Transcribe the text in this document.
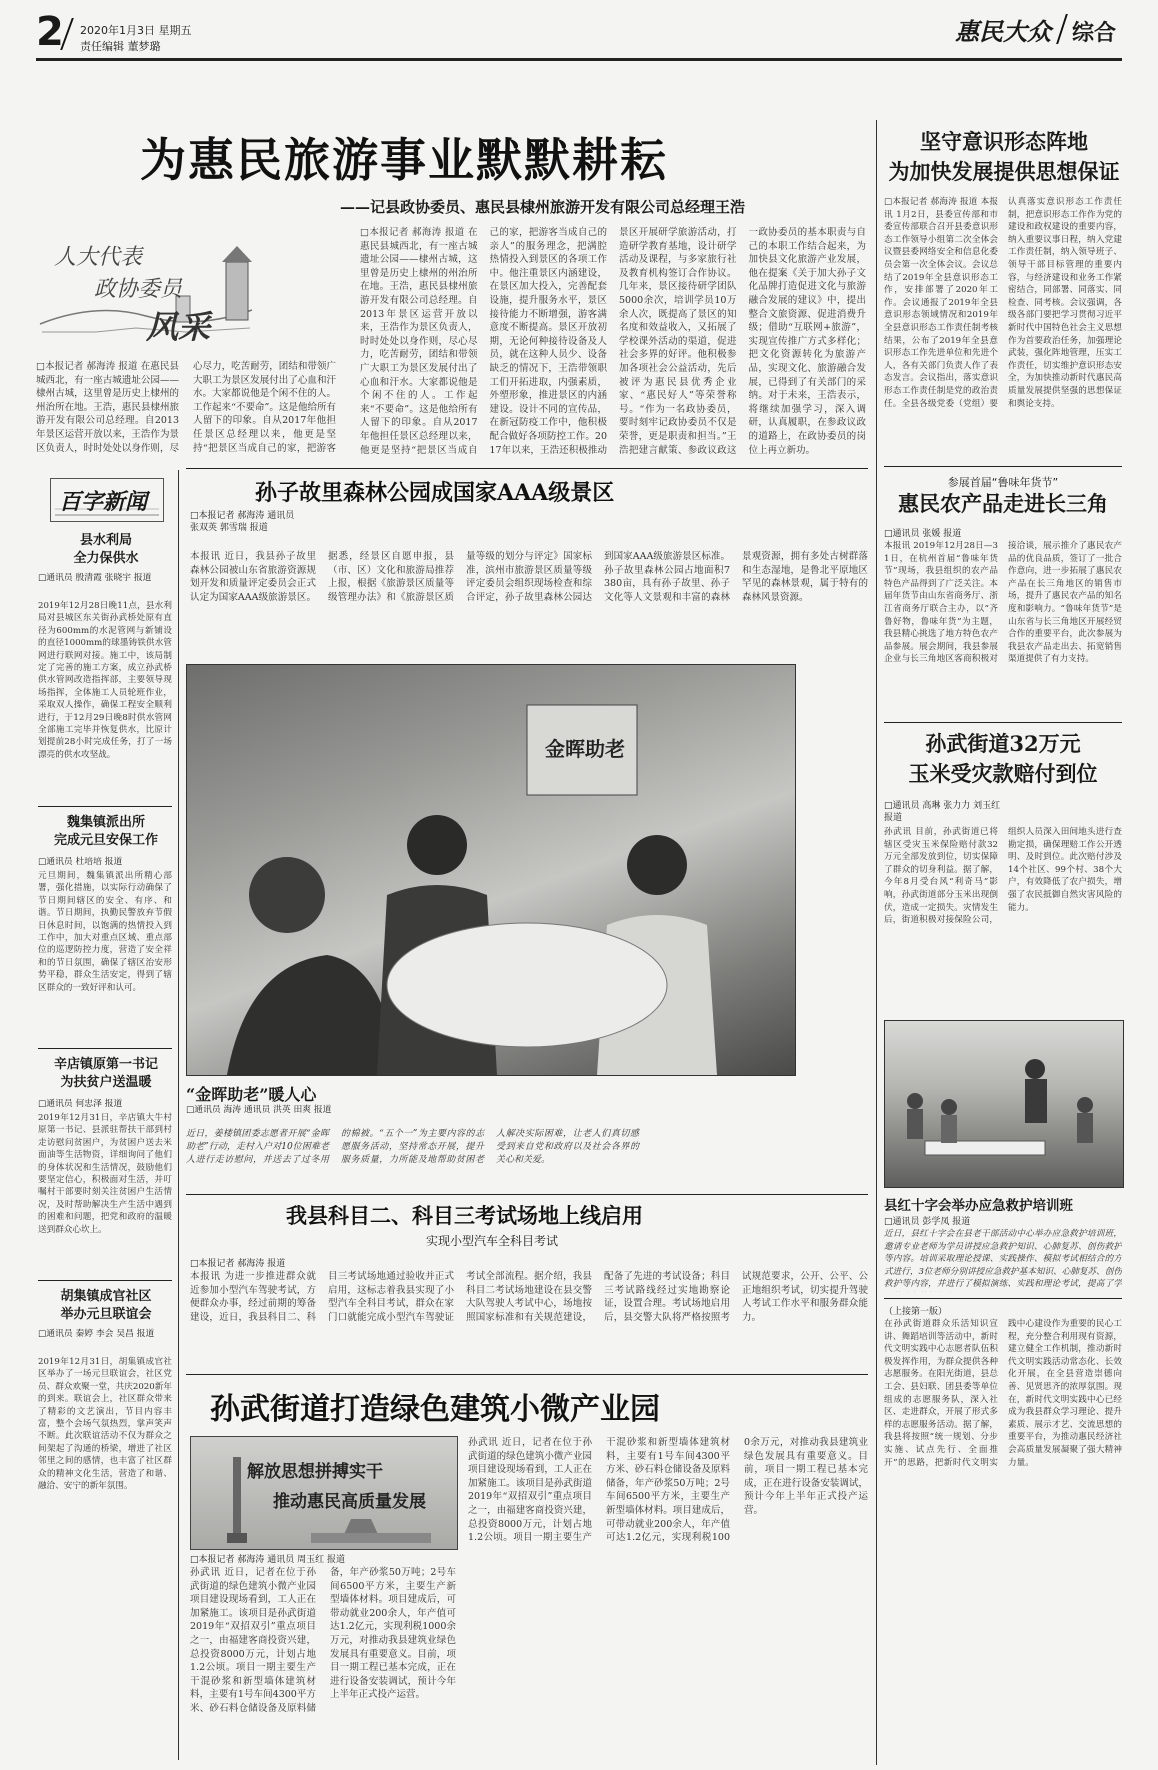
2 2020年1月3日 星期五
责任编辑 董梦璐
惠民大众 综合
为惠民旅游事业默默耕耘
——记县政协委员、惠民县棣州旅游开发有限公司总经理王浩
人大代表
政协委员
风采
□本报记者 郝海涛 报道 在惠民县城西北，有一座古城遗址公园——棣州古城，这里曾是历史上棣州的州治所在地。王浩，惠民县棣州旅游开发有限公司总经理。自2013年景区运营开放以来，王浩作为景区负责人，时时处处以身作则，尽心尽力，吃苦耐劳，团结和带领广大职工为景区发展付出了心血和汗水。大家都说他是个闲不住的人。工作起来“不要命”。这是他给所有人留下的印象。自从2017年他担任景区总经理以来，他更是坚持“把景区当成自己的家，把游客
□本报记者 郝海涛 报道 在惠民县城西北，有一座古城遗址公园——棣州古城，这里曾是历史上棣州的州治所在地。王浩，惠民县棣州旅游开发有限公司总经理。自2013年景区运营开放以来，王浩作为景区负责人，时时处处以身作则，尽心尽力，吃苦耐劳，团结和带领广大职工为景区发展付出了心血和汗水。大家都说他是个闲不住的人。工作起来“不要命”。这是他给所有人留下的印象。自从2017年他担任景区总经理以来，他更是坚持“把景区当成自己的家，把游客当成自己的亲人”的服务理念，把满腔热情投入到景区的各项工作中。他注重景区内涵建设，在景区加大投入，完善配套设施，提升服务水平，景区接待能力不断增强，游客满意度不断提高。景区开放初期，无论何种接待设备及人员，就在这种人员少、设备缺乏的情况下，王浩带领职工们开拓进取，内强素质，外塑形象，推进景区的内涵建设。设计不同的宣传品，在新冠防疫工作中，他积极配合做好各项防控工作。2017年以来，王浩还积极推动景区开展研学旅游活动，打造研学教育基地，设计研学活动及课程，与多家旅行社及教育机构签订合作协议。几年来，景区接待研学团队5000余次，培训学员10万余人次，既提高了景区的知名度和效益收入，又拓展了学校课外活动的渠道，促进社会多界的好评。他积极参加各项社会公益活动，先后被评为惠民县优秀企业家、“惠民好人”等荣誉称号。“作为一名政协委员，要时刻牢记政协委员不仅是荣誉，更是职责和担当。”王浩把建言献策、参政议政这一政协委员的基本职责与自己的本职工作结合起来，为加快县文化旅游产业发展，他在提案《关于加大孙子文化品牌打造促进文化与旅游融合发展的建议》中，提出整合文旅资源、促进消费升级；借助“互联网+旅游”，实现宣传推广方式多样化；把文化资源转化为旅游产品，实现文化、旅游融合发展，已得到了有关部门的采纳。对于未来，王浩表示，将继续加强学习，深入调研，认真履职，在参政议政的道路上，在政协委员的岗位上再立新功。
坚守意识形态阵地
为加快发展提供思想保证
□本报记者 郝海涛 报道 本报讯 1月2日，县委宣传部和市委宣传部联合召开县委意识形态工作领导小组第二次全体会议暨县委网络安全和信息化委员会第一次全体会议。会议总结了2019年全县意识形态工作，安排部署了2020年工作。会议通报了2019年全县意识形态领域情况和2019年全县意识形态工作责任制考核结果，公布了2019年全县意识形态工作先进单位和先进个人，各有关部门负责人作了表态发言。会议指出，落实意识形态工作责任制是党的政治责任。全县各级党委（党组）要认真落实意识形态工作责任制，把意识形态工作作为党的建设和政权建设的重要内容，纳入重要议事日程，纳入党建工作责任制，纳入领导班子、领导干部目标管理的重要内容，与经济建设和业务工作紧密结合，同部署、同落实、同检查、同考核。会议强调，各级各部门要把学习贯彻习近平新时代中国特色社会主义思想作为首要政治任务，加强理论武装，强化阵地管理，压实工作责任，切实维护意识形态安全，为加快推动新时代惠民高质量发展提供坚强的思想保证和舆论支持。
参展首届“鲁味年货节”
惠民农产品走进长三角
□通讯员 张媛 报道
本报讯 2019年12月28日—31日，在杭州首届“鲁味年货节”现场，我县组织的农产品特色产品得到了广泛关注。本届年货节由山东省商务厅、浙江省商务厅联合主办，以“齐鲁好物，鲁味年货”为主题，我县精心挑选了地方特色农产品参展。展会期间，我县参展企业与长三角地区客商积极对接洽谈，展示推介了惠民农产品的优良品质，签订了一批合作意向，进一步拓展了惠民农产品在长三角地区的销售市场，提升了惠民农产品的知名度和影响力。“鲁味年货节”是山东省与长三角地区开展经贸合作的重要平台，此次参展为我县农产品走出去、拓宽销售渠道提供了有力支持。
孙武街道32万元
玉米受灾款赔付到位
□通讯员 高琳 张力力 刘玉红 报道
孙武讯 目前，孙武街道已将辖区受灾玉米保险赔付款32万元全部发放到位，切实保障了群众的切身利益。据了解，今年8月受台风“利奇马”影响，孙武街道部分玉米出现倒伏，造成一定损失。灾情发生后，街道积极对接保险公司，组织人员深入田间地头进行查勘定损，确保理赔工作公开透明、及时到位。此次赔付涉及14个社区、99个村、38个大户，有效降低了农户损失，增强了农民抵御自然灾害风险的能力。
县红十字会举办应急救护培训班
□通讯员 彭学凤 报道
近日，县红十字会在县老干部活动中心举办应急救护培训班，邀请专业老师为学员讲授应急救护知识、心肺复苏、创伤救护等内容。培训采取理论授课、实践操作、模拟考试相结合的方式进行，3位老师分别讲授应急救护基本知识、心肺复苏、创伤救护等内容，并进行了模拟演练、实践和理论考试，提高了学
（上接第一版）
在孙武街道群众乐活知识宣讲、舞蹈培训等活动中，新时代文明实践中心志愿者队伍积极发挥作用，为群众提供各种志愿服务。在阳光街道，县总工会、县妇联、团县委等单位组成的志愿服务队，深入社区、走进群众，开展了形式多样的志愿服务活动。据了解，我县将按照“统一规划、分步实施、试点先行、全面推开”的思路，把新时代文明实践中心建设作为重要的民心工程，充分整合利用现有资源，建立健全工作机制，推动新时代文明实践活动常态化、长效化开展，在全县营造崇德向善、见贤思齐的浓厚氛围。现在，新时代文明实践中心已经成为我县群众学习理论、提升素质、展示才艺、交流思想的重要平台，为推动惠民经济社会高质量发展凝聚了强大精神力量。
百字新闻
县水利局
全力保供水
□通讯员 殷清霞 张晓宇 报道
2019年12月28日晚11点，县水利局对县城区东关街孙武桥处原有直径为600mm的水泥管网与新铺设的直径1000mm的球墨铸铁供水管网进行联网对接。施工中，该局制定了完善的施工方案，成立孙武桥供水管网改造指挥部，主要领导现场指挥，全体施工人员轮班作业，采取双人操作，确保工程安全顺利进行，于12月29日晚8时供水管网全部施工完毕并恢复供水，比原计划提前28小时完成任务，打了一场漂亮的供水攻坚战。
魏集镇派出所
完成元旦安保工作
□通讯员 杜培培 报道
元旦期间，魏集镇派出所精心部署，强化措施，以实际行动确保了节日期间辖区的安全、有序、和谐。节日期间，执勤民警放弃节假日休息时间，以饱满的热情投入到工作中，加大对重点区域、重点部位的巡逻防控力度，营造了安全祥和的节日氛围，确保了辖区治安形势平稳，群众生活安定，得到了辖区群众的一致好评和认可。
辛店镇原第一书记
为扶贫户送温暖
□通讯员 何忠泽 报道
2019年12月31日，辛店镇大牛村原第一书记、县派驻帮扶干部到村走访慰问贫困户，为贫困户送去米面油等生活物资，详细询问了他们的身体状况和生活情况，鼓励他们要坚定信心，积极面对生活，并叮嘱村干部要时刻关注贫困户生活情况，及时帮助解决生产生活中遇到的困难和问题，把党和政府的温暖送到群众心坎上。
胡集镇成官社区
举办元旦联谊会
□通讯员 秦婷 李会 吴昌 报道
2019年12月31日，胡集镇成官社区举办了一场元旦联谊会，社区党员、群众欢聚一堂，共庆2020新年的到来。联谊会上，社区群众带来了精彩的文艺演出，节目内容丰富，整个会场气氛热烈，掌声笑声不断。此次联谊活动不仅为群众之间架起了沟通的桥梁，增进了社区邻里之间的感情，也丰富了社区群众的精神文化生活，营造了和谐、融洽、安宁的新年氛围。
孙子故里森林公园成国家AAA级景区
□本报记者 郝海涛 通讯员 张双英 郭雪瑞 报道
本报讯 近日，我县孙子故里森林公园被山东省旅游资源规划开发和质量评定委员会正式认定为国家AAA级旅游景区。据悉，经景区自愿申报，县（市、区）文化和旅游局推荐上报，根据《旅游景区质量等级管理办法》和《旅游景区质量等级的划分与评定》国家标准，滨州市旅游景区质量等级评定委员会组织现场检查和综合评定，孙子故里森林公园达到国家AAA级旅游景区标准。孙子故里森林公园占地面积7380亩，具有孙子故里、孙子文化等人文景观和丰富的森林景观资源，拥有多处古树群落和生态湿地，是鲁北平原地区罕见的森林景观，属于特有的森林风景资源。
金晖助老
“金晖助老”暖人心
□通讯员 海涛 通讯员 洪英 田爽 报道
近日，姜楼镇团委志愿者开展“金晖助老”行动，走村入户对10位困难老人进行走访慰问，并送去了过冬用的棉被。“五个一”为主要内容的志愿服务活动，坚持常态开展，提升服务质量，力所能及地帮助贫困老人解决实际困难，让老人们真切感受到来自党和政府以及社会各界的关心和关爱。
我县科目二、科目三考试场地上线启用
实现小型汽车全科目考试
□本报记者 郝海涛 报道
本报讯 为进一步推进群众就近参加小型汽车驾驶考试，方便群众办事，经过前期的筹备建设，近日，我县科目二、科目三考试场地通过验收并正式启用，这标志着我县实现了小型汽车全科目考试，群众在家门口就能完成小型汽车驾驶证考试全部流程。据介绍，我县科目二考试场地建设在县交警大队驾驶人考试中心，场地按照国家标准和有关规范建设，配备了先进的考试设备；科目三考试路线经过实地勘察论证，设置合理。考试场地启用后，县交警大队将严格按照考试规范要求，公开、公平、公正地组织考试，切实提升驾驶人考试工作水平和服务群众能力。
孙武街道打造绿色建筑小微产业园
解放思想拼搏实干
推动惠民高质量发展
□本报记者 郝海涛 通讯员 周玉红 报道
孙武讯 近日，记者在位于孙武街道的绿色建筑小微产业园项目建设现场看到，工人正在加紧施工。该项目是孙武街道2019年“双招双引”重点项目之一，由福建客商投资兴建，总投资8000万元，计划占地1.2公顷。项目一期主要生产干混砂浆和新型墙体建筑材料，主要有1号车间4300平方米、砂石料仓储设备及原料储备，年产砂浆50万吨；2号车间6500平方米，主要生产新型墙体材料。项目建成后，可带动就业200余人，年产值可达1.2亿元，实现利税1000余万元，对推动我县建筑业绿色发展具有重要意义。目前，项目一期工程已基本完成，正在进行设备安装调试，预计今年上半年正式投产运营。
孙武讯 近日，记者在位于孙武街道的绿色建筑小微产业园项目建设现场看到，工人正在加紧施工。该项目是孙武街道2019年“双招双引”重点项目之一，由福建客商投资兴建，总投资8000万元，计划占地1.2公顷。项目一期主要生产干混砂浆和新型墙体建筑材料，主要有1号车间4300平方米、砂石料仓储设备及原料储备，年产砂浆50万吨；2号车间6500平方米，主要生产新型墙体材料。项目建成后，可带动就业200余人，年产值可达1.2亿元，实现利税1000余万元，对推动我县建筑业绿色发展具有重要意义。目前，项目一期工程已基本完成，正在进行设备安装调试，预计今年上半年正式投产运营。
